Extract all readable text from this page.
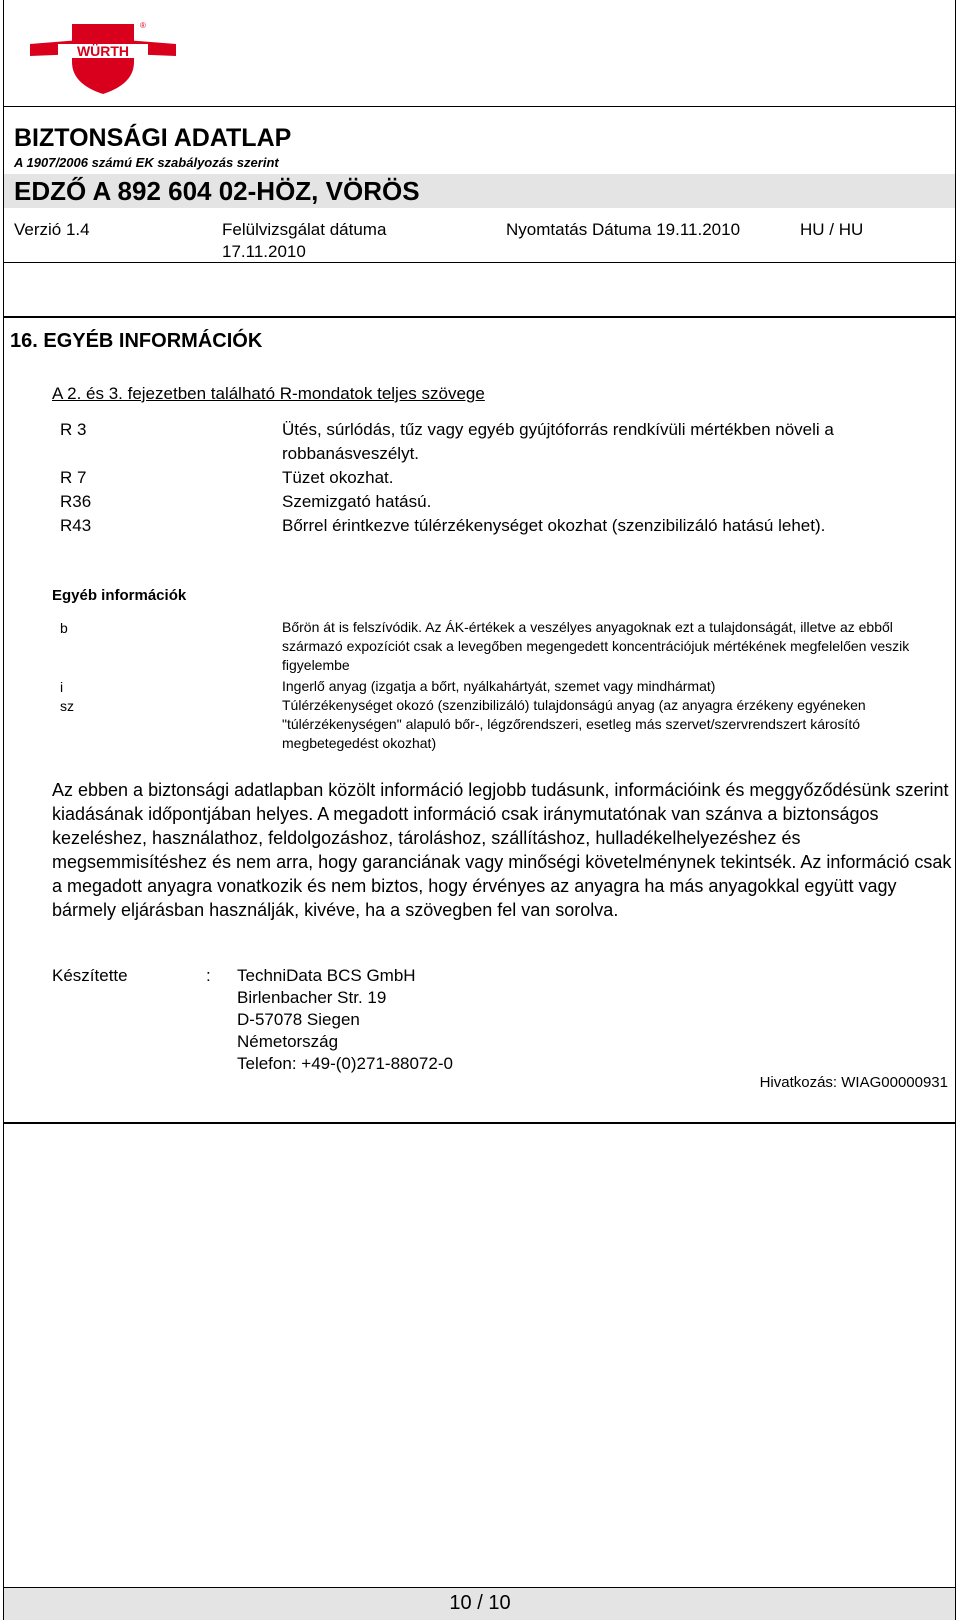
WÜRTH
®
BIZTONSÁGI ADATLAP
A 1907/2006 számú EK szabályozás szerint
EDZŐ A 892 604 02-HÖZ, VÖRÖS
Verzió 1.4	Felülvizsgálat dátuma
17.11.2010
Nyomtatás Dátuma 19.11.2010	HU / HU
16. EGYÉB INFORMÁCIÓK
A 2. és 3. fejezetben található R-mondatok teljes szövege
R 3	Ütés, súrlódás, tűz vagy egyéb gyújtóforrás rendkívüli mértékben növeli a robbanásveszélyt.
R 7	Tüzet okozhat.
R36	Szemizgató hatású.
R43	Bőrrel érintkezve túlérzékenységet okozhat (szenzibilizáló hatású lehet).
Egyéb információk
b	Bőrön át is felszívódik. Az ÁK-értékek a veszélyes anyagoknak ezt a tulajdonságát, illetve az ebből származó expozíciót csak a levegőben megengedett koncentrációjuk mértékének megfelelően veszik figyelembe
i	Ingerlő anyag (izgatja a bőrt, nyálkahártyát, szemet vagy mindhármat)
sz	Túlérzékenységet okozó (szenzibilizáló) tulajdonságú anyag (az anyagra érzékeny egyéneken "túlérzékenységen" alapuló bőr-, légzőrendszeri, esetleg más szervet/szervrendszert károsító megbetegedést okozhat)
Az ebben a biztonsági adatlapban közölt információ legjobb tudásunk, információink és meggyőződésünk szerint kiadásának időpontjában helyes. A megadott információ csak iránymutatónak van szánva a biztonságos kezeléshez, használathoz, feldolgozáshoz, tároláshoz, szállításhoz, hulladékelhelyezéshez és megsemmisítéshez és nem arra, hogy garanciának vagy minőségi követelménynek tekintsék. Az információ csak a megadott anyagra vonatkozik és nem biztos, hogy érvényes az anyagra ha más anyagokkal együtt vagy bármely eljárásban használják, kivéve, ha a szövegben fel van sorolva.
Készítette	: TechniData BCS GmbH
Birlenbacher Str. 19
D-57078 Siegen
Németország
Telefon: +49-(0)271-88072-0
Hivatkozás: WIAG00000931
10 / 10
